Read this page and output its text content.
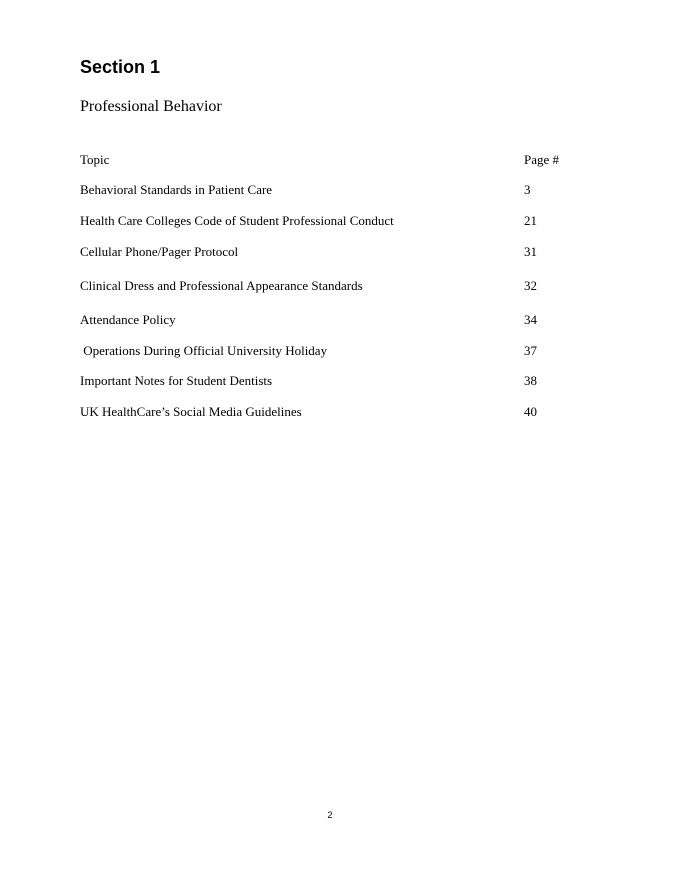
Section 1
Professional Behavior
Topic	Page #
Behavioral Standards in Patient Care	3
Health Care Colleges Code of Student Professional Conduct	21
Cellular Phone/Pager Protocol	31
Clinical Dress and Professional Appearance Standards	32
Attendance Policy	34
Operations During Official University Holiday	37
Important Notes for Student Dentists	38
UK HealthCare’s Social Media Guidelines	40
2
